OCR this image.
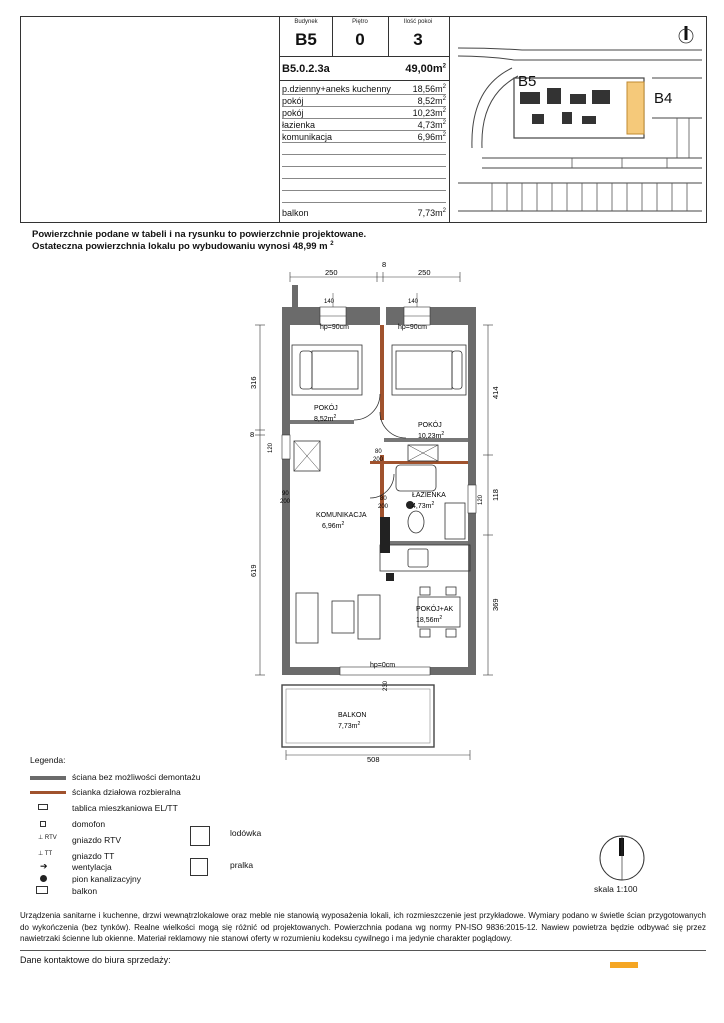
Budynek
B5
Piętro
0
Ilość pokoi
3
B5.0.2.3a	$49,00m^2$
p.dzienny+aneks kuchenny $18,56m^2$
pokój	$8,52m^2$
pokój	$10,23m^2$
łazienka	$4,73m^2$
komunikacja	$6,96m^2$
balkon	$7,73m^2$
B5
B4
Powierzchnie podane w tabeli i na rysunku to powierzchnie projektowane.
Ostateczna powierzchnia lokalu po wybudowaniu wynosi 48,99 m $^2$
250
8
250
316
8
619
414
118
369
508
140	140
hp=90cm	hp=90cm
POKÓJ
$8,52m^2$
POKÓJ
$10,23m^2$
ŁAZIENKA
$4,73m^2$
KOMUNIKACJA
$6,96m^2$
POKÓJ+AK
$18,56m^2$
BALKON
$7,73m^2$
80
200
80
200
90
200
hp=0cm
230
120
120
Legenda:
ściana bez możliwości demontażu
ścianka działowa rozbieralna
tablica mieszkaniowa EL/TT
domofon
⊥ RTV gniazdo RTV
⊥ TT gniazdo TT
➔	wentylacja
pion kanalizacyjny
balkon
lodówka
pralka
skala 1:100
Urządzenia sanitarne i kuchenne, drzwi wewnątrzlokalowe oraz meble nie stanowią wyposażenia lokali, ich rozmieszczenie jest przykładowe. Wymiary podano w świetle ścian przygotowanych do wykończenia (bez tynków). Realne wielkości mogą się różnić od projektowanych. Powierzchnia podana wg normy PN-ISO 9836:2015-12. Nawiew powietrza będzie odbywać się przez nawietrzaki ścienne lub okienne. Materiał reklamowy nie stanowi oferty w rozumieniu kodeksu cywilnego i ma jedynie charakter poglądowy.
Dane kontaktowe do biura sprzedaży:
